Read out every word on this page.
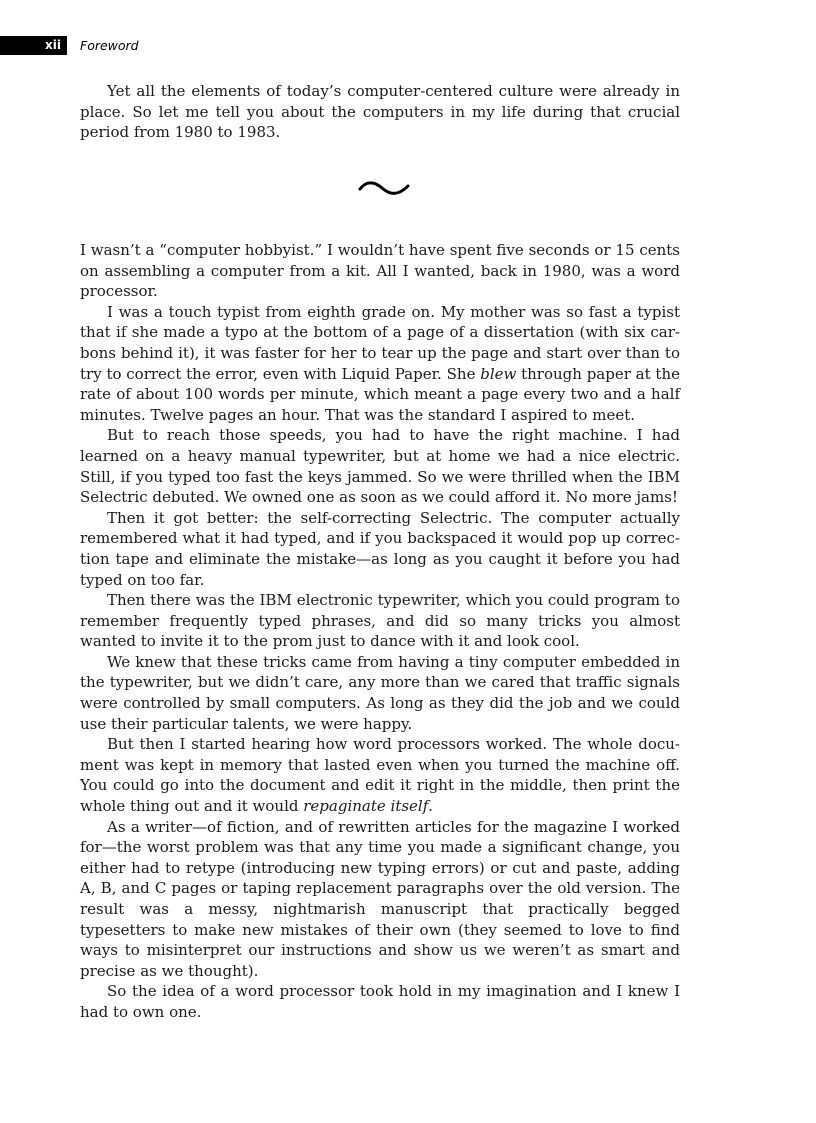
xii	Foreword

Yet all the elements of today’s computer-centered culture were already in place. So let me tell you about the computers in my life during that crucial period from 1980 to 1983.

I wasn’t a “computer hobbyist.” I wouldn’t have spent five seconds or 15 cents on assembling a computer from a kit. All I wanted, back in 1980, was a word processor.

I was a touch typist from eighth grade on. My mother was so fast a typist that if she made a typo at the bottom of a page of a dissertation (with six carbons behind it), it was faster for her to tear up the page and start over than to try to correct the error, even with Liquid Paper. She blew through paper at the rate of about 100 words per minute, which meant a page every two and a half minutes. Twelve pages an hour. That was the standard I aspired to meet.

But to reach those speeds, you had to have the right machine. I had learned on a heavy manual typewriter, but at home we had a nice electric. Still, if you typed too fast the keys jammed. So we were thrilled when the IBM Selectric debuted. We owned one as soon as we could afford it. No more jams!

Then it got better: the self-correcting Selectric. The computer actually remembered what it had typed, and if you backspaced it would pop up correction tape and eliminate the mistake—as long as you caught it before you had typed on too far.

Then there was the IBM electronic typewriter, which you could program to remember frequently typed phrases, and did so many tricks you almost wanted to invite it to the prom just to dance with it and look cool.

We knew that these tricks came from having a tiny computer embedded in the typewriter, but we didn’t care, any more than we cared that traffic signals were controlled by small computers. As long as they did the job and we could use their particular talents, we were happy.

But then I started hearing how word processors worked. The whole document was kept in memory that lasted even when you turned the machine off. You could go into the document and edit it right in the middle, then print the whole thing out and it would repaginate itself.

As a writer—of fiction, and of rewritten articles for the magazine I worked for—the worst problem was that any time you made a significant change, you either had to retype (introducing new typing errors) or cut and paste, adding A, B, and C pages or taping replacement paragraphs over the old version. The result was a messy, nightmarish manuscript that practically begged typesetters to make new mistakes of their own (they seemed to love to find ways to misinterpret our instructions and show us we weren’t as smart and precise as we thought).

So the idea of a word processor took hold in my imagination and I knew I had to own one.
